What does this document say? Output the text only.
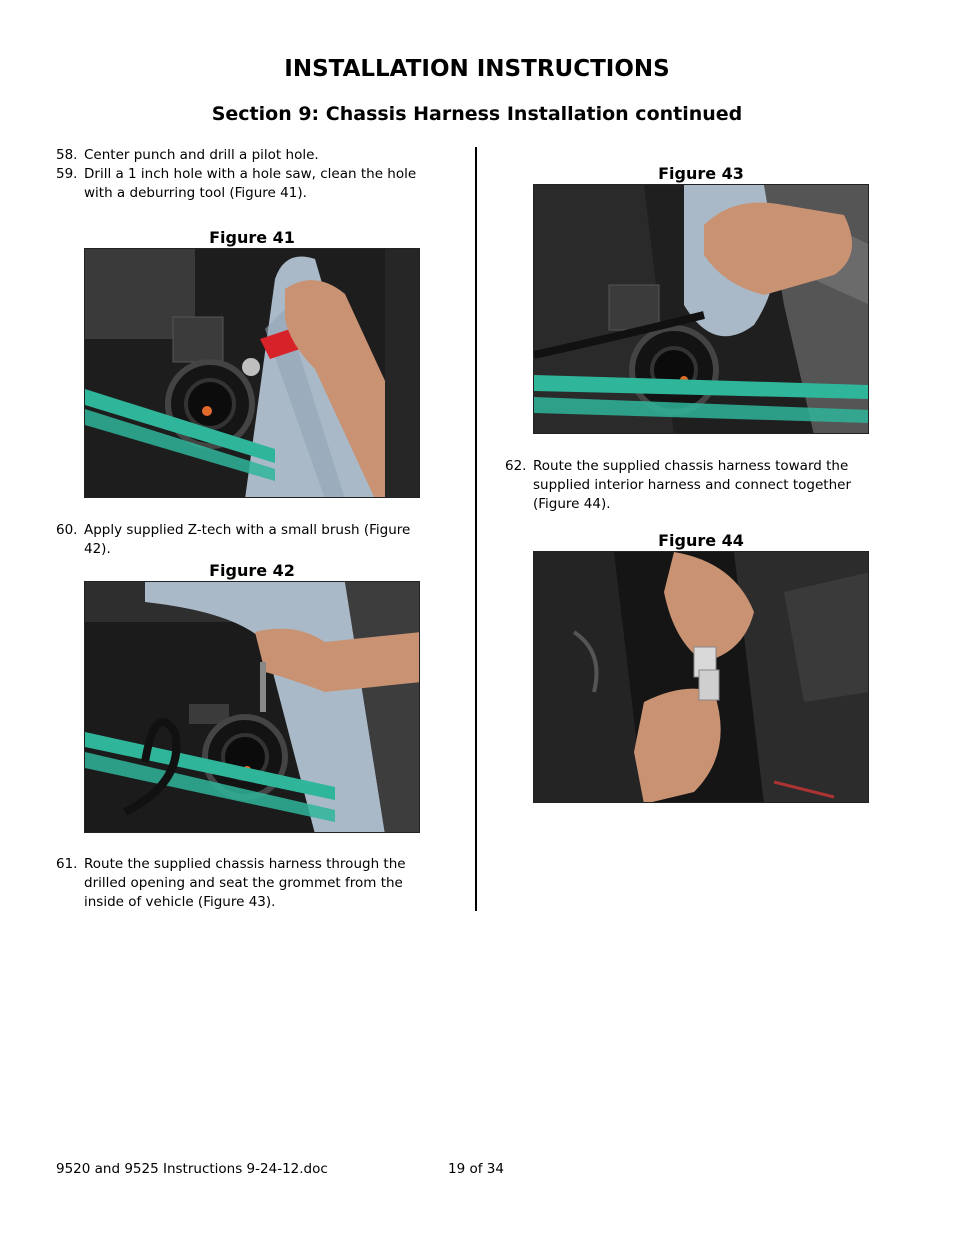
INSTALLATION INSTRUCTIONS
Section 9: Chassis Harness Installation continued
58. Center punch and drill a pilot hole.
59. Drill a 1 inch hole with a hole saw, clean the hole
with a deburring tool (Figure 41).
Figure 41
60. Apply supplied Z-tech with a small brush (Figure
42).
Figure 42
61. Route the supplied chassis harness through the
drilled opening and seat the grommet from the
inside of vehicle (Figure 43).
Figure 43
62. Route the supplied chassis harness toward the
supplied interior harness and connect together
(Figure 44).
Figure 44
9520 and 9525 Instructions 9-24-12.doc	19 of 34
